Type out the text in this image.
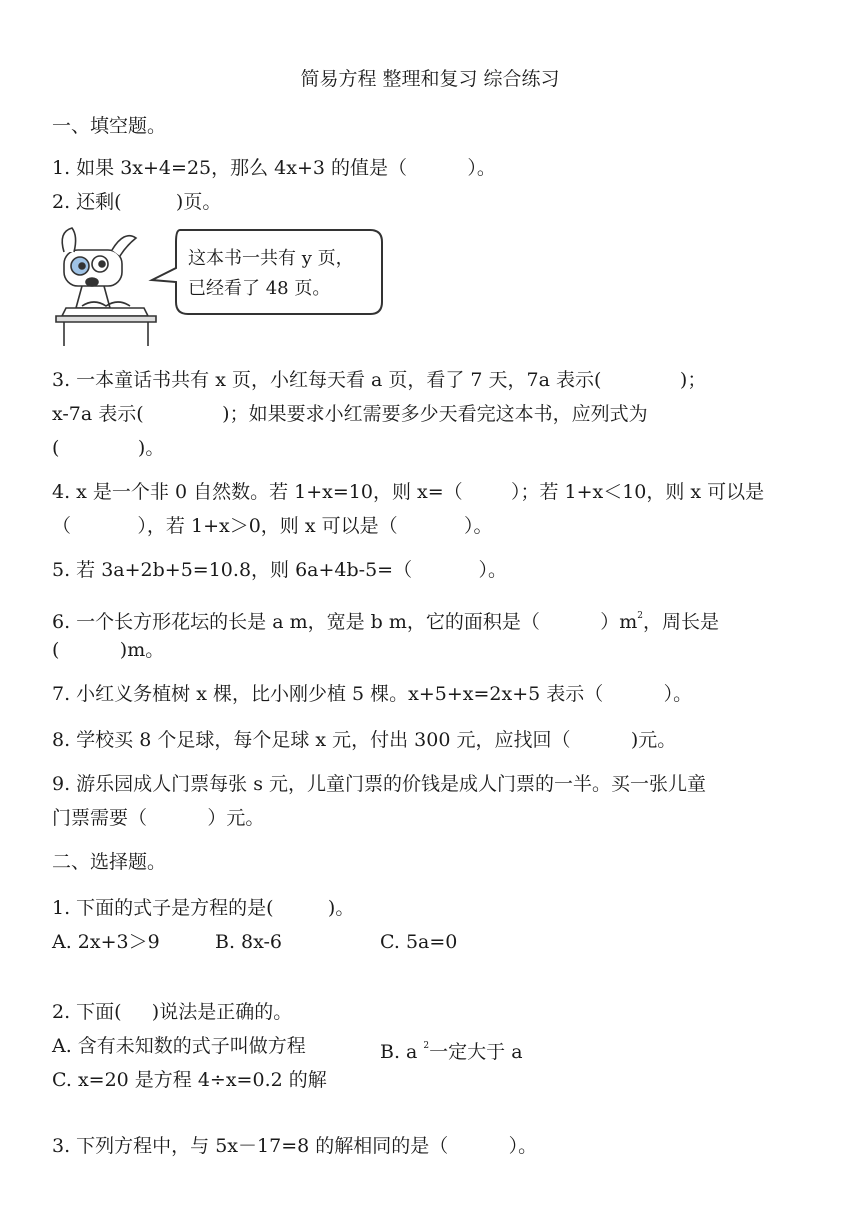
简易方程 整理和复习 综合练习
一、填空题。
1. 如果 3x+4=25，那么 4x+3 的值是（          ）。
2. 还剩(         )页。
这本书一共有 y 页，
已经看了 48 页。
3. 一本童话书共有 x 页，小红每天看 a 页，看了 7 天，7a 表示(             )；
x-7a 表示(             )；如果要求小红需要多少天看完这本书，应列式为
(             )。
4. x 是一个非 0 自然数。若 1+x=10，则 x=（        ）；若 1+x＜10，则 x 可以是
（           ），若 1+x＞0，则 x 可以是（           ）。
5. 若 3a+2b+5=10.8，则 6a+4b-5=（           ）。
6. 一个长方形花坛的长是 a m，宽是 b m，它的面积是（          ）$m^2$，周长是
(          )m。
7. 小红义务植树 x 棵，比小刚少植 5 棵。x+5+x=2x+5 表示（          ）。
8. 学校买 8 个足球，每个足球 x 元，付出 300 元，应找回（          )元。
9. 游乐园成人门票每张 s 元，儿童门票的价钱是成人门票的一半。买一张儿童
门票需要（          ）元。
二、选择题。
1. 下面的式子是方程的是(         )。
A. 2x+3＞9	B. 8x-6	C. 5a=0
2. 下面(     )说法是正确的。
A. 含有未知数的式子叫做方程	B. a $^2$一定大于 a
C. x=20 是方程 4÷x=0.2 的解
3. 下列方程中，与 5x－17=8 的解相同的是（          ）。
